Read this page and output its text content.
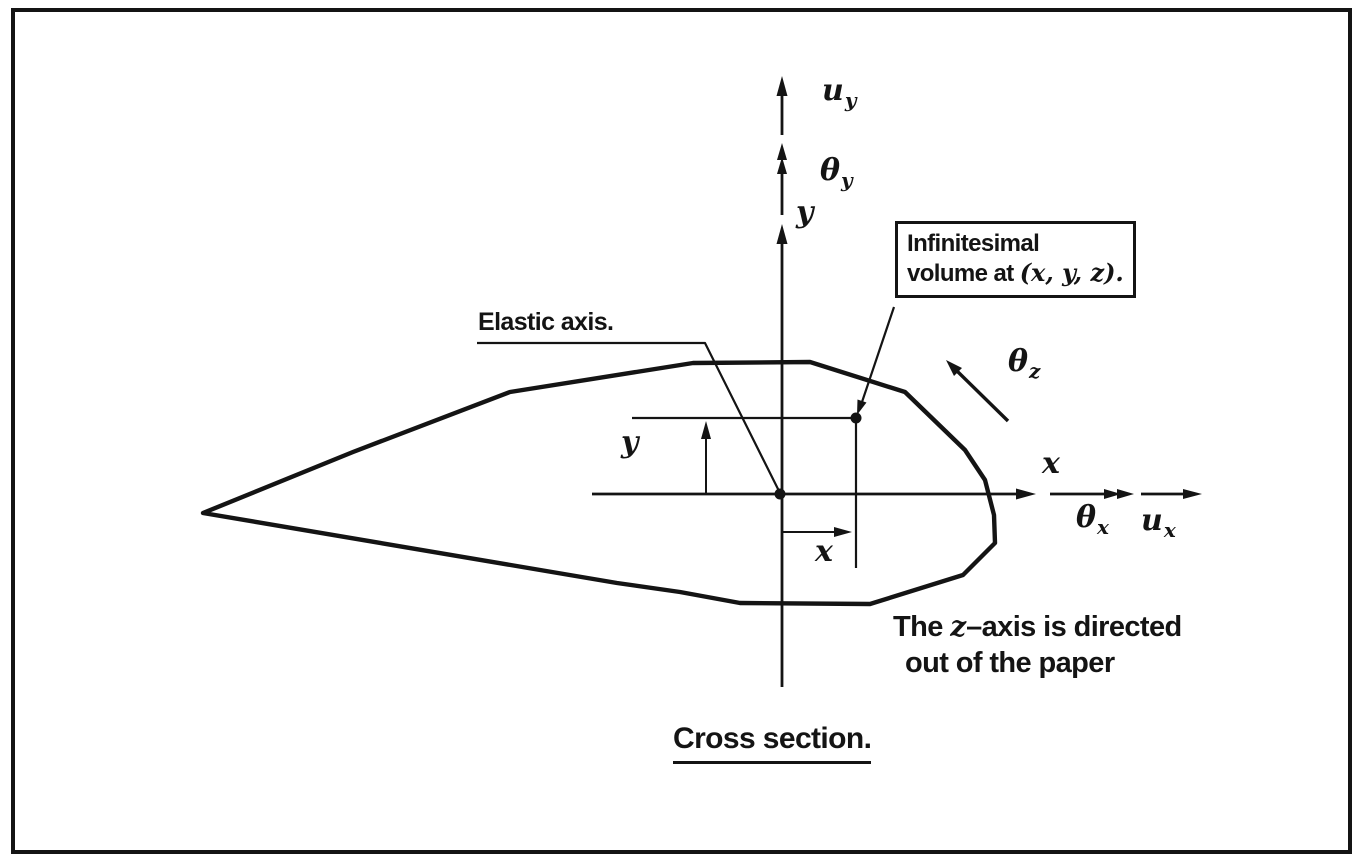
$u_y$
$\theta_y$
y
x
$\theta_x$ $u_x$
$\theta_z$
y
x
Elastic axis.
Infinitesimal
volume at (x, y, z).
The z–axis is directed
out of the paper
Cross section.
